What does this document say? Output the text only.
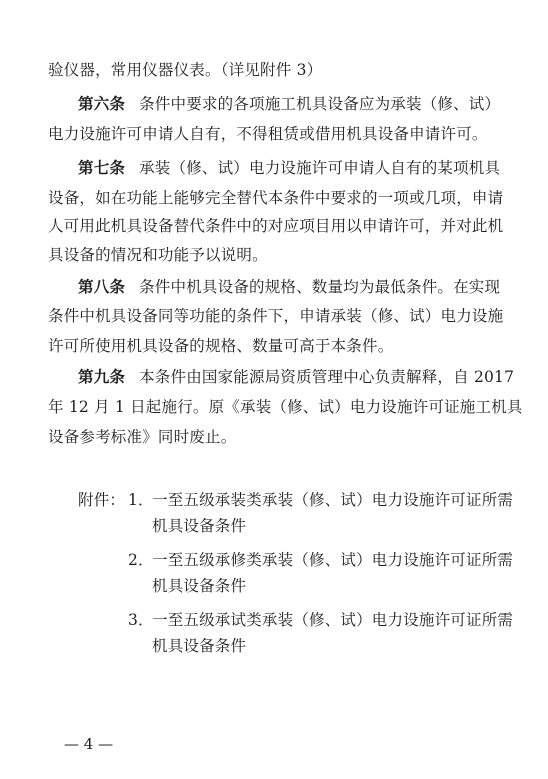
验仪器，常用仪器仪表。（详见附件 3）
第六条 条件中要求的各项施工机具设备应为承装（修、试）
电力设施许可申请人自有，不得租赁或借用机具设备申请许可。
第七条 承装（修、试）电力设施许可申请人自有的某项机具
设备，如在功能上能够完全替代本条件中要求的一项或几项，申请
人可用此机具设备替代条件中的对应项目用以申请许可，并对此机
具设备的情况和功能予以说明。
第八条 条件中机具设备的规格、数量均为最低条件。在实现
条件中机具设备同等功能的条件下，申请承装（修、试）电力设施
许可所使用机具设备的规格、数量可高于本条件。
第九条 本条件由国家能源局资质管理中心负责解释，自 2017
年 12 月 1 日起施行。原《承装（修、试）电力设施许可证施工机具
设备参考标准》同时废止。
附件： 1．
一至五级承装类承装（修、试）电力设施许可证所需
机具设备条件
2．
一至五级承修类承装（修、试）电力设施许可证所需
机具设备条件
3．
一至五级承试类承装（修、试）电力设施许可证所需
机具设备条件
— 4 —
